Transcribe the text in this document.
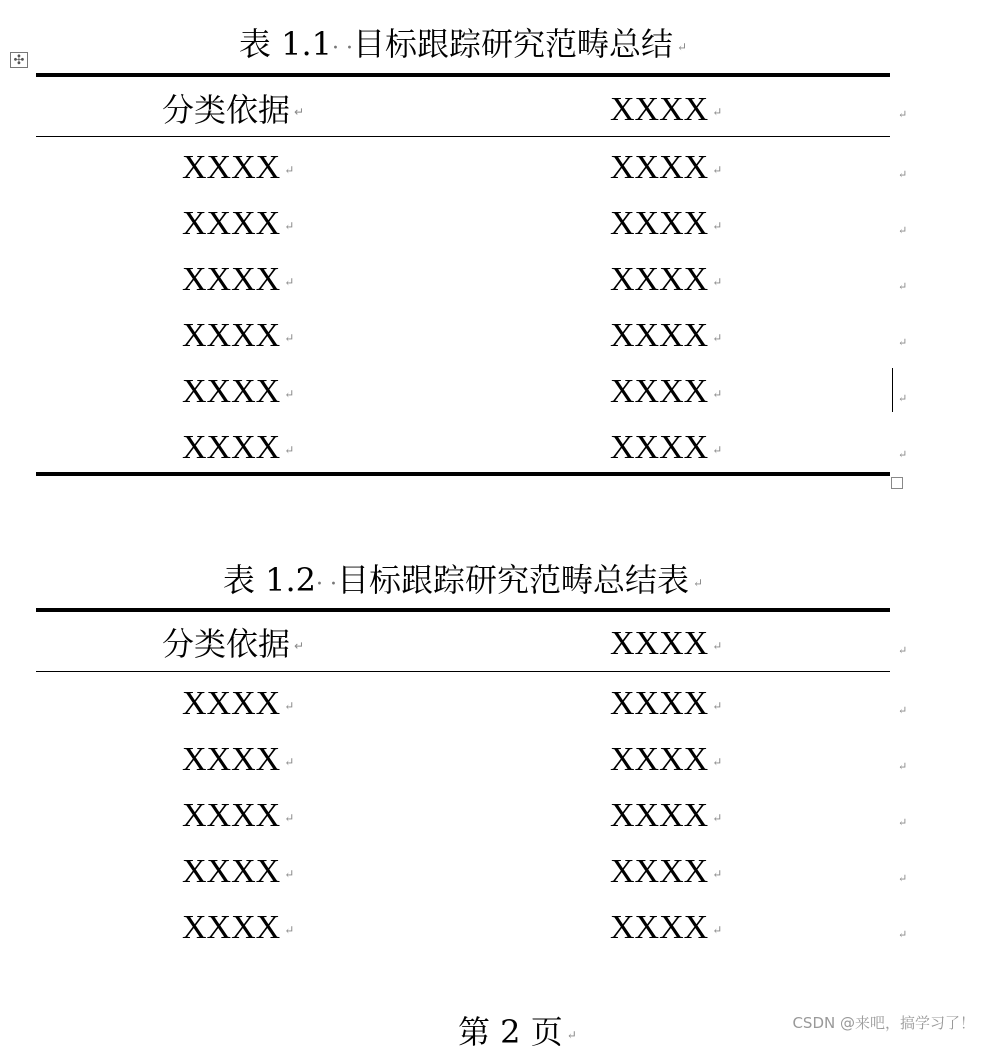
✣	表 1.1· ·目标跟踪研究范畴总结 ↵
分类依据 ↵	XXXX ↵	↵
XXXX ↵	XXXX ↵	↵
XXXX ↵	XXXX ↵	↵
XXXX ↵	XXXX ↵	↵
XXXX ↵	XXXX ↵	↵
XXXX ↵	XXXX ↵	↵
XXXX ↵	XXXX ↵	↵
表 1.2· ·目标跟踪研究范畴总结表 ↵
分类依据 ↵	XXXX ↵	↵
XXXX ↵	XXXX ↵	↵
XXXX ↵	XXXX ↵	↵
XXXX ↵	XXXX ↵	↵
XXXX ↵	XXXX ↵	↵
XXXX ↵	XXXX ↵	↵
第 2 页 ↵
CSDN @来吧，搞学习了！
